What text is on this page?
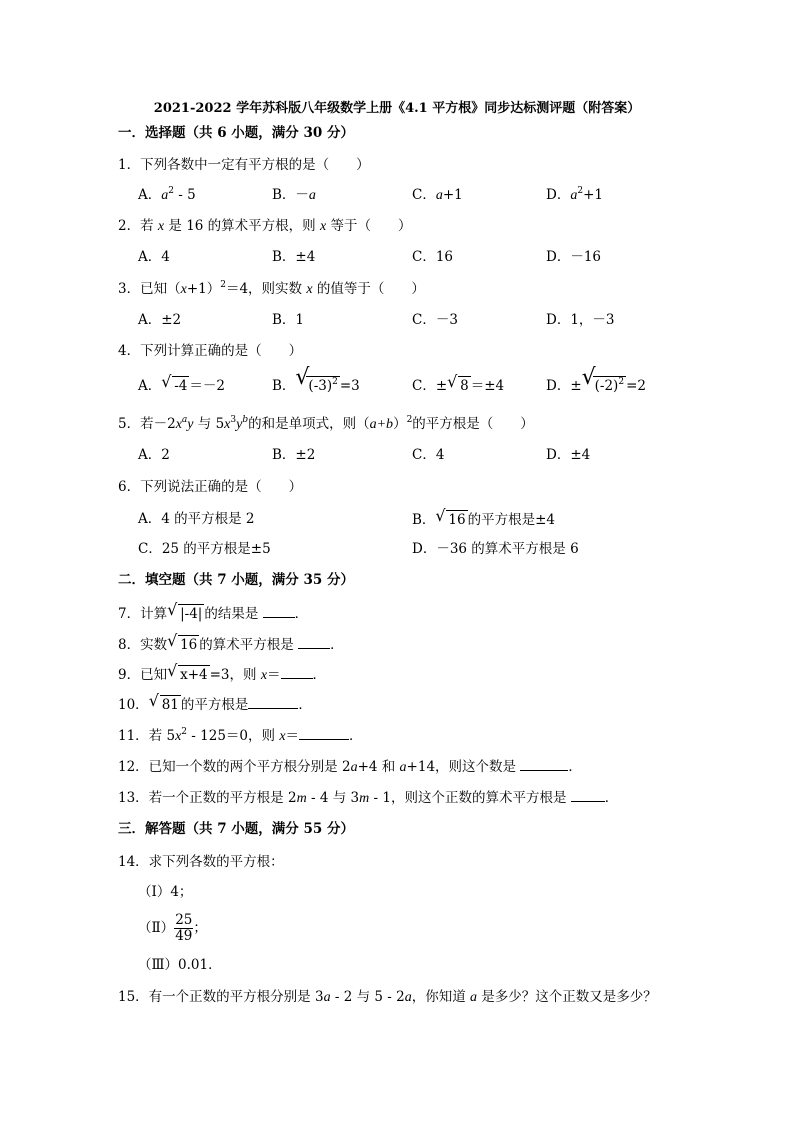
2021-2022 学年苏科版八年级数学上册《4.1 平方根》同步达标测评题（附答案）
一．选择题（共 6 小题，满分 30 分）
1．下列各数中一定有平方根的是（　　）
A．$a^2 - 5$	B．－a	C．a+1	D．$a^2+1$
2．若 x 是 16 的算术平方根，则 x 等于（　　）
A．4	B．±4	C．16	D．－16
3．已知$(x+1)^2=4$，则实数 x 的值等于（　　）
A．±2	B．1	C．－3	D．1，－3
4．下列计算正确的是（　　）
A． √ -4 ＝－2	B． √ $(-3)^2 =3$	C．± √ 8 ＝±4	D．± √ $(-2)^2 =2$
5．若$-2x^ay$ 与 $5x^3y^b$的和是单项式，则$(a+b)^2$的平方根是（　　）
A．2	B．±2	C．4	D．±4
6．下列说法正确的是（　　）
A．4 的平方根是 2	B． √ 16 的平方根是±4
C．25 的平方根是±5	D．－36 的算术平方根是 6
二．填空题（共 7 小题，满分 35 分）
7．计算 √ |-4| 的结果是 ．
8．实数 √ 16 的算术平方根是 ．
9．已知 √ x+4 =3，则 x＝ ．
10． √ 81 的平方根是	．
11．若 $5x^2 - 125=0$，则 x＝	．
12．已知一个数的两个平方根分别是 2a+4 和 a+14，则这个数是	．
13．若一个正数的平方根是 2m - 4 与 3m - 1，则这个正数的算术平方根是	．
三．解答题（共 7 小题，满分 55 分）
14．求下列各数的平方根：
（Ⅰ）4；
（Ⅱ） $\frac{25}{49}$ ；
（Ⅲ）0.01．
15．有一个正数的平方根分别是 3a - 2 与 5 - 2a，你知道 a 是多少？这个正数又是多少？
